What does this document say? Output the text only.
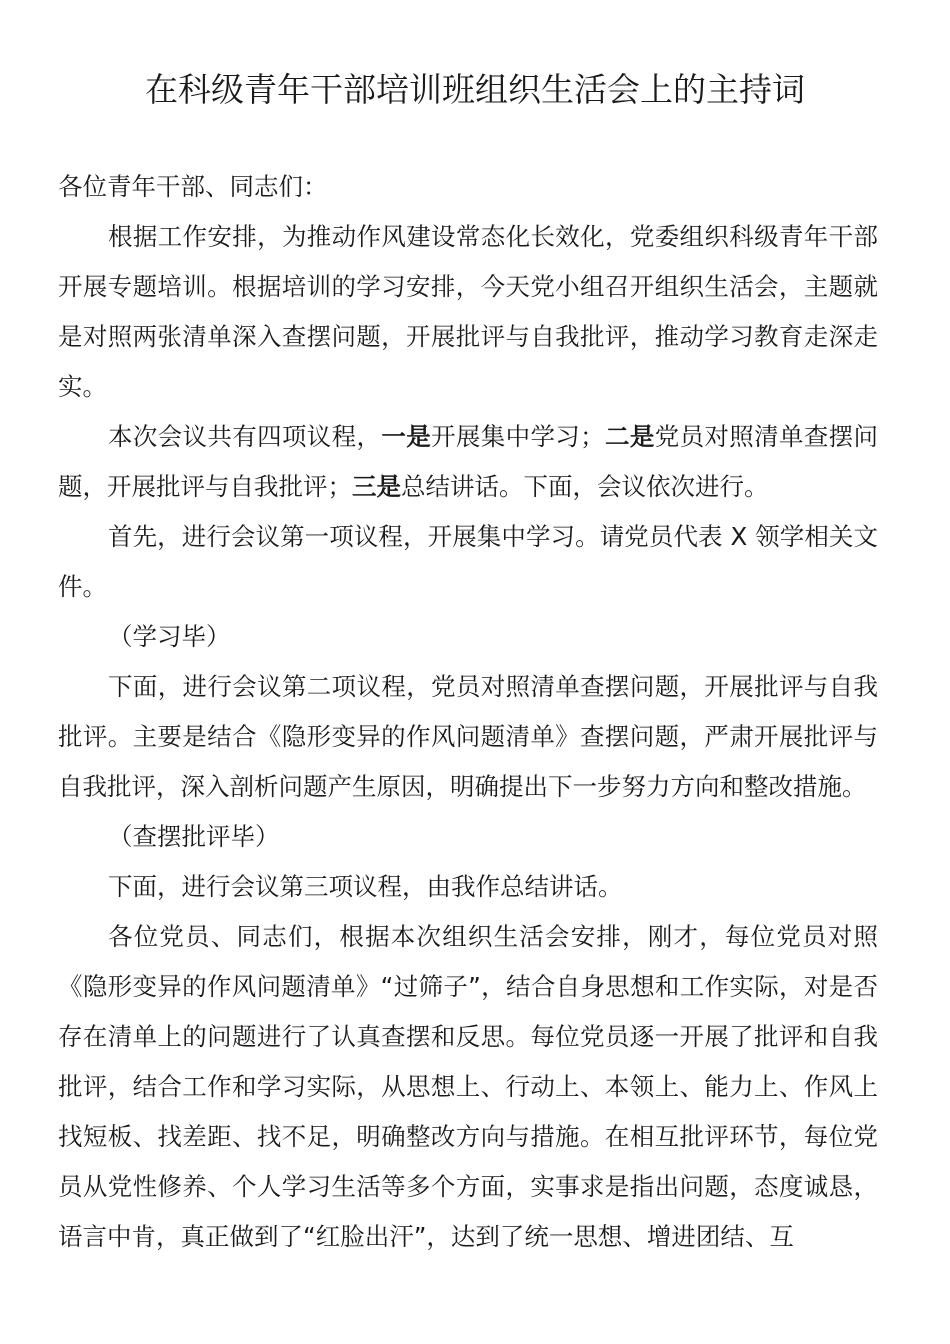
在科级青年干部培训班组织生活会上的主持词

各位青年干部、同志们：

根据工作安排，为推动作风建设常态化长效化，党委组织科级青年干部开展专题培训。根据培训的学习安排，今天党小组召开组织生活会，主题就是对照两张清单深入查摆问题，开展批评与自我批评，推动学习教育走深走实。

本次会议共有四项议程，一是开展集中学习；二是党员对照清单查摆问题，开展批评与自我批评；三是总结讲话。下面，会议依次进行。

首先，进行会议第一项议程，开展集中学习。请党员代表 X 领学相关文件。

（学习毕）

下面，进行会议第二项议程，党员对照清单查摆问题，开展批评与自我批评。主要是结合《隐形变异的作风问题清单》查摆问题，严肃开展批评与自我批评，深入剖析问题产生原因，明确提出下一步努力方向和整改措施。

（查摆批评毕）

下面，进行会议第三项议程，由我作总结讲话。

各位党员、同志们，根据本次组织生活会安排，刚才，每位党员对照《隐形变异的作风问题清单》“过筛子”，结合自身思想和工作实际，对是否存在清单上的问题进行了认真查摆和反思。每位党员逐一开展了批评和自我批评，结合工作和学习实际，从思想上、行动上、本领上、能力上、作风上找短板、找差距、找不足，明确整改方向与措施。在相互批评环节，每位党员从党性修养、个人学习生活等多个方面，实事求是指出问题，态度诚恳，语言中肯，真正做到了“红脸出汗”，达到了统一思想、增进团结、互
